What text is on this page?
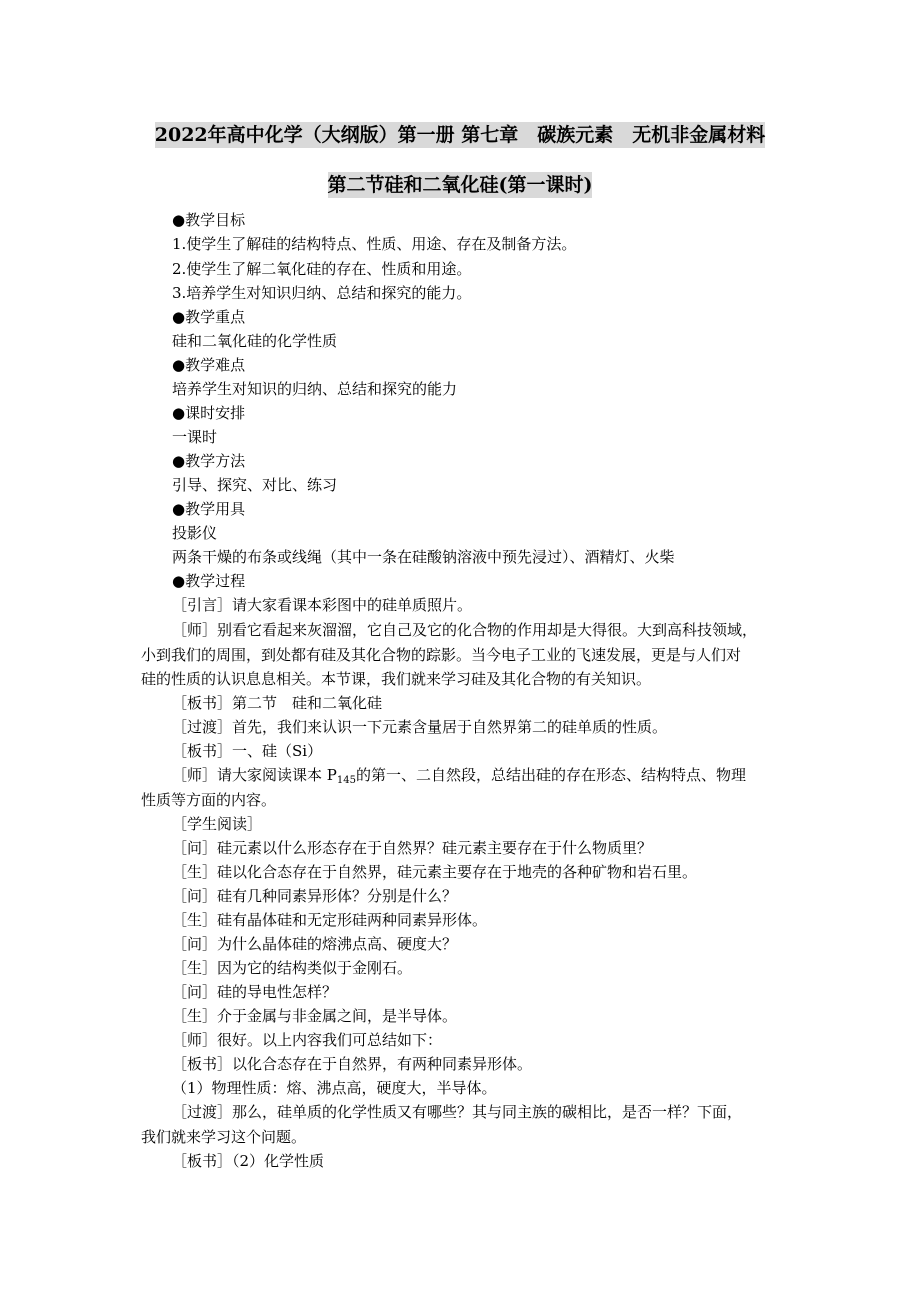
2022年高中化学（大纲版）第一册 第七章　碳族元素　无机非金属材料
第二节硅和二氧化硅(第一课时)
●教学目标
1.使学生了解硅的结构特点、性质、用途、存在及制备方法。
2.使学生了解二氧化硅的存在、性质和用途。
3.培养学生对知识归纳、总结和探究的能力。
●教学重点
硅和二氧化硅的化学性质
●教学难点
培养学生对知识的归纳、总结和探究的能力
●课时安排
一课时
●教学方法
引导、探究、对比、练习
●教学用具
投影仪
两条干燥的布条或线绳（其中一条在硅酸钠溶液中预先浸过）、酒精灯、火柴
●教学过程
［引言］请大家看课本彩图中的硅单质照片。
［师］别看它看起来灰溜溜，它自己及它的化合物的作用却是大得很。大到高科技领域，
小到我们的周围，到处都有硅及其化合物的踪影。当今电子工业的飞速发展，更是与人们对
硅的性质的认识息息相关。本节课，我们就来学习硅及其化合物的有关知识。
［板书］第二节　硅和二氧化硅
［过渡］首先，我们来认识一下元素含量居于自然界第二的硅单质的性质。
［板书］一、硅（Si）
［师］请大家阅读课本 $P_{145}$的第一、二自然段，总结出硅的存在形态、结构特点、物理
性质等方面的内容。
［学生阅读］
［问］硅元素以什么形态存在于自然界？硅元素主要存在于什么物质里？
［生］硅以化合态存在于自然界，硅元素主要存在于地壳的各种矿物和岩石里。
［问］硅有几种同素异形体？分别是什么？
［生］硅有晶体硅和无定形硅两种同素异形体。
［问］为什么晶体硅的熔沸点高、硬度大？
［生］因为它的结构类似于金刚石。
［问］硅的导电性怎样？
［生］介于金属与非金属之间，是半导体。
［师］很好。以上内容我们可总结如下：
［板书］以化合态存在于自然界，有两种同素异形体。
（1）物理性质：熔、沸点高，硬度大，半导体。
［过渡］那么，硅单质的化学性质又有哪些？其与同主族的碳相比，是否一样？下面，
我们就来学习这个问题。
［板书］（2）化学性质
